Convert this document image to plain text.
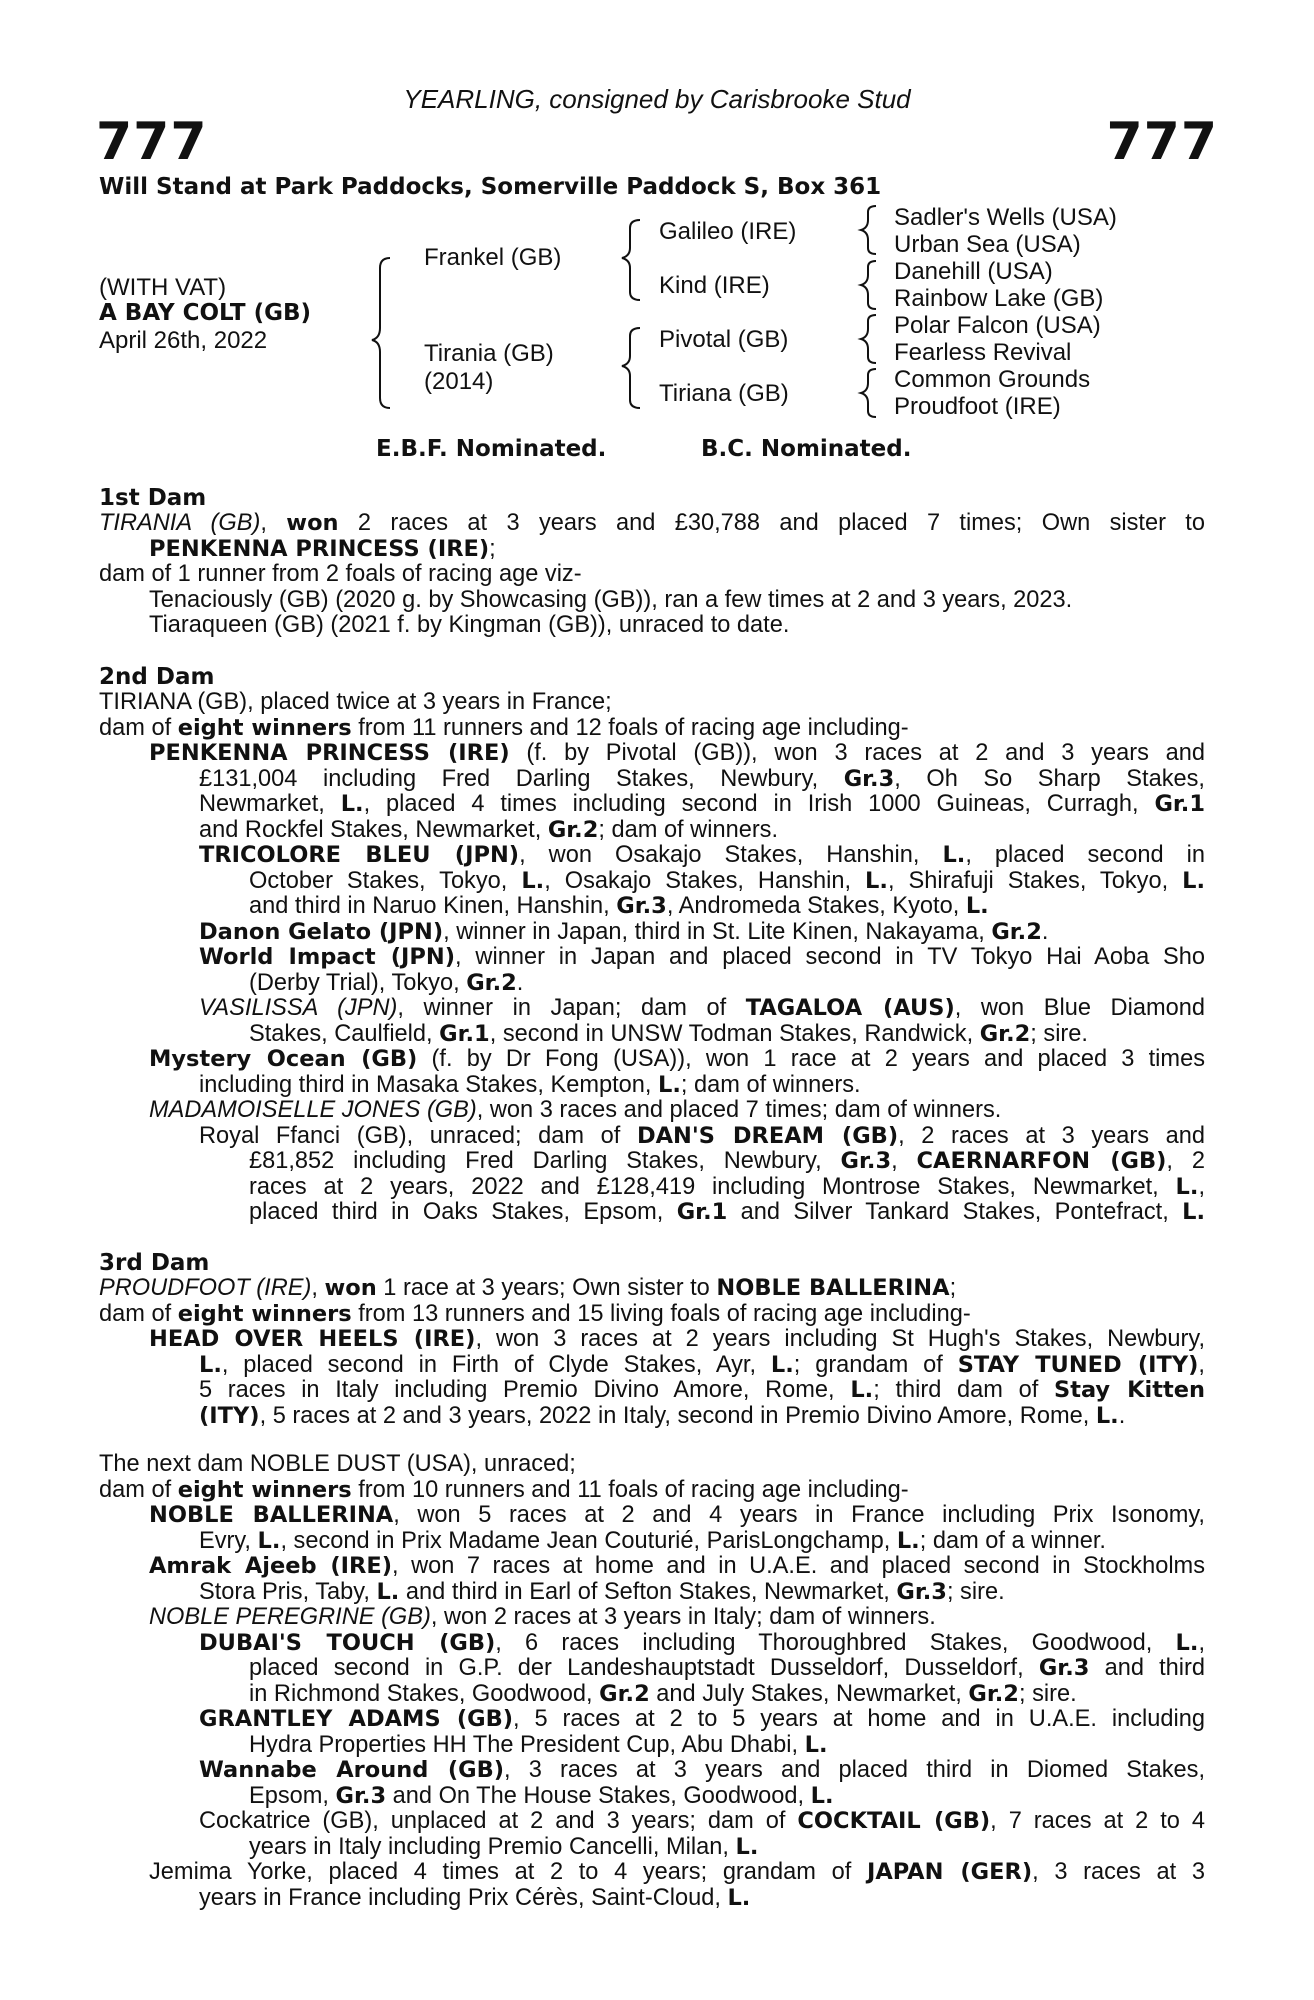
YEARLING, consigned by Carisbrooke Stud
777	777
Will Stand at Park Paddocks, Somerville Paddock S, Box 361
(WITH VAT)
A BAY COLT (GB)
April 26th, 2022
Frankel (GB)
Tirania (GB)
(2014)
Galileo (IRE)
Kind (IRE)
Pivotal (GB)
Tiriana (GB)
Sadler's Wells (USA)
Urban Sea (USA)
Danehill (USA)
Rainbow Lake (GB)
Polar Falcon (USA)
Fearless Revival
Common Grounds
Proudfoot (IRE)
E.B.F. Nominated.	B.C. Nominated.
1st Dam
TIRANIA (GB), won 2 races at 3 years and £30,788 and placed 7 times; Own sister to
PENKENNA PRINCESS (IRE);
dam of 1 runner from 2 foals of racing age viz-
Tenaciously (GB) (2020 g. by Showcasing (GB)), ran a few times at 2 and 3 years, 2023.
Tiaraqueen (GB) (2021 f. by Kingman (GB)), unraced to date.
2nd Dam
TIRIANA (GB), placed twice at 3 years in France;
dam of eight winners from 11 runners and 12 foals of racing age including-
PENKENNA PRINCESS (IRE) (f. by Pivotal (GB)), won 3 races at 2 and 3 years and
£131,004 including Fred Darling Stakes, Newbury, Gr.3, Oh So Sharp Stakes,
Newmarket, L., placed 4 times including second in Irish 1000 Guineas, Curragh, Gr.1
and Rockfel Stakes, Newmarket, Gr.2; dam of winners.
TRICOLORE BLEU (JPN), won Osakajo Stakes, Hanshin, L., placed second in
October Stakes, Tokyo, L., Osakajo Stakes, Hanshin, L., Shirafuji Stakes, Tokyo, L.
and third in Naruo Kinen, Hanshin, Gr.3, Andromeda Stakes, Kyoto, L.
Danon Gelato (JPN), winner in Japan, third in St. Lite Kinen, Nakayama, Gr.2.
World Impact (JPN), winner in Japan and placed second in TV Tokyo Hai Aoba Sho
(Derby Trial), Tokyo, Gr.2.
VASILISSA (JPN), winner in Japan; dam of TAGALOA (AUS), won Blue Diamond
Stakes, Caulfield, Gr.1, second in UNSW Todman Stakes, Randwick, Gr.2; sire.
Mystery Ocean (GB) (f. by Dr Fong (USA)), won 1 race at 2 years and placed 3 times
including third in Masaka Stakes, Kempton, L.; dam of winners.
MADAMOISELLE JONES (GB), won 3 races and placed 7 times; dam of winners.
Royal Ffanci (GB), unraced; dam of DAN'S DREAM (GB), 2 races at 3 years and
£81,852 including Fred Darling Stakes, Newbury, Gr.3, CAERNARFON (GB), 2
races at 2 years, 2022 and £128,419 including Montrose Stakes, Newmarket, L.,
placed third in Oaks Stakes, Epsom, Gr.1 and Silver Tankard Stakes, Pontefract, L.
3rd Dam
PROUDFOOT (IRE), won 1 race at 3 years; Own sister to NOBLE BALLERINA;
dam of eight winners from 13 runners and 15 living foals of racing age including-
HEAD OVER HEELS (IRE), won 3 races at 2 years including St Hugh's Stakes, Newbury,
L., placed second in Firth of Clyde Stakes, Ayr, L.; grandam of STAY TUNED (ITY),
5 races in Italy including Premio Divino Amore, Rome, L.; third dam of Stay Kitten
(ITY), 5 races at 2 and 3 years, 2022 in Italy, second in Premio Divino Amore, Rome, L..
The next dam NOBLE DUST (USA), unraced;
dam of eight winners from 10 runners and 11 foals of racing age including-
NOBLE BALLERINA, won 5 races at 2 and 4 years in France including Prix Isonomy,
Evry, L., second in Prix Madame Jean Couturié, ParisLongchamp, L.; dam of a winner.
Amrak Ajeeb (IRE), won 7 races at home and in U.A.E. and placed second in Stockholms
Stora Pris, Taby, L. and third in Earl of Sefton Stakes, Newmarket, Gr.3; sire.
NOBLE PEREGRINE (GB), won 2 races at 3 years in Italy; dam of winners.
DUBAI'S TOUCH (GB), 6 races including Thoroughbred Stakes, Goodwood, L.,
placed second in G.P. der Landeshauptstadt Dusseldorf, Dusseldorf, Gr.3 and third
in Richmond Stakes, Goodwood, Gr.2 and July Stakes, Newmarket, Gr.2; sire.
GRANTLEY ADAMS (GB), 5 races at 2 to 5 years at home and in U.A.E. including
Hydra Properties HH The President Cup, Abu Dhabi, L.
Wannabe Around (GB), 3 races at 3 years and placed third in Diomed Stakes,
Epsom, Gr.3 and On The House Stakes, Goodwood, L.
Cockatrice (GB), unplaced at 2 and 3 years; dam of COCKTAIL (GB), 7 races at 2 to 4
years in Italy including Premio Cancelli, Milan, L.
Jemima Yorke, placed 4 times at 2 to 4 years; grandam of JAPAN (GER), 3 races at 3
years in France including Prix Cérès, Saint-Cloud, L.
